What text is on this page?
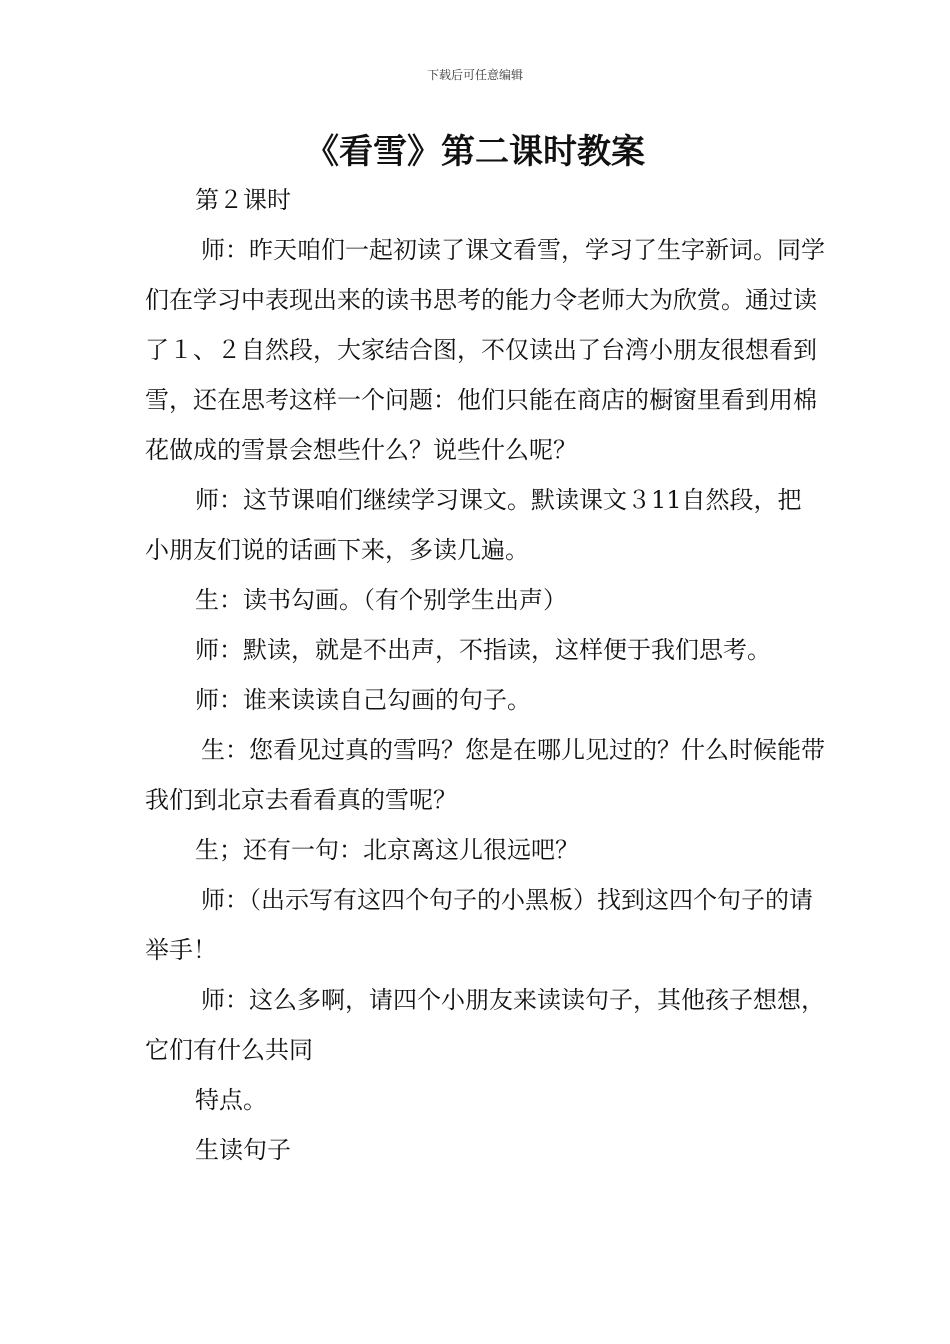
下载后可任意编辑
《看雪》第二课时教案

第２课时

师：昨天咱们一起初读了课文看雪，学习了生字新词。同学们在学习中表现出来的读书思考的能力令老师大为欣赏。通过读了１、２自然段，大家结合图，不仅读出了台湾小朋友很想看到雪，还在思考这样一个问题：他们只能在商店的橱窗里看到用棉花做成的雪景会想些什么？说些什么呢？

师：这节课咱们继续学习课文。默读课文３11自然段，把小朋友们说的话画下来，多读几遍。

生：读书勾画。（有个别学生出声）

师：默读，就是不出声，不指读，这样便于我们思考。

师：谁来读读自己勾画的句子。

生：您看见过真的雪吗？您是在哪儿见过的？什么时候能带我们到北京去看看真的雪呢？

生；还有一句：北京离这儿很远吧？

师：（出示写有这四个句子的小黑板）找到这四个句子的请举手！

师：这么多啊，请四个小朋友来读读句子，其他孩子想想，它们有什么共同

特点。

生读句子
